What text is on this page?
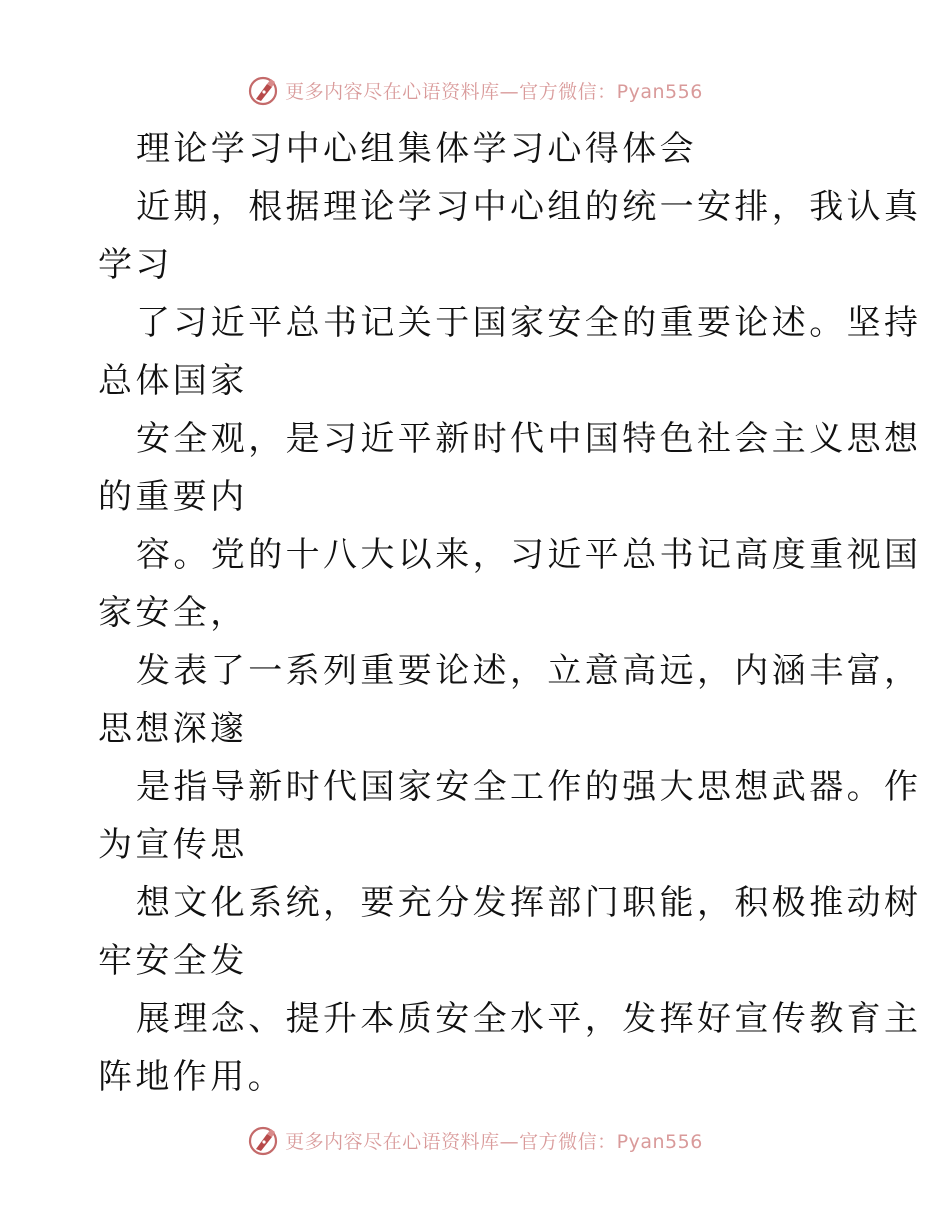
更多内容尽在心语资料库—官方微信：Pyan556

理论学习中心组集体学习心得体会

近期，根据理论学习中心组的统一安排，我认真

学习

了习近平总书记关于国家安全的重要论述。坚持

总体国家

安全观，是习近平新时代中国特色社会主义思想

的重要内

容。党的十八大以来，习近平总书记高度重视国

家安全，

发表了一系列重要论述，立意高远，内涵丰富，

思想深邃

是指导新时代国家安全工作的强大思想武器。作

为宣传思

想文化系统，要充分发挥部门职能，积极推动树

牢安全发

展理念、提升本质安全水平，发挥好宣传教育主

阵地作用。

更多内容尽在心语资料库—官方微信：Pyan556
